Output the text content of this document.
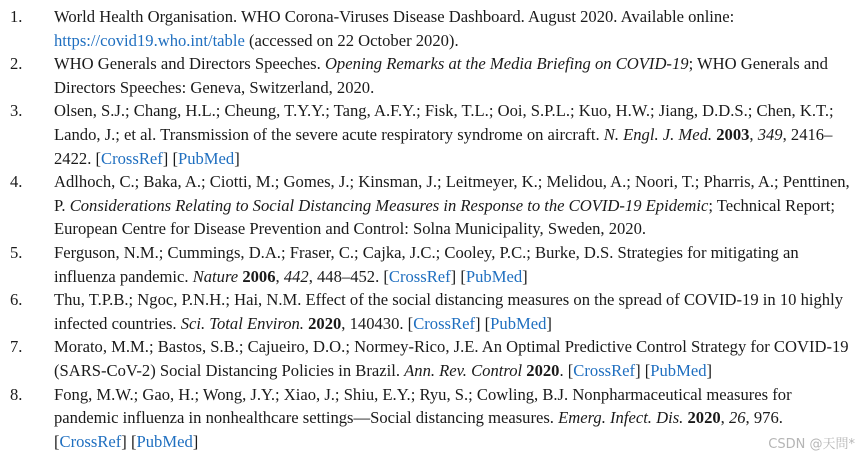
1. World Health Organisation. WHO Corona-Viruses Disease Dashboard. August 2020. Available online: https://covid19.who.int/table (accessed on 22 October 2020).
2. WHO Generals and Directors Speeches. Opening Remarks at the Media Briefing on COVID-19; WHO Generals and Directors Speeches: Geneva, Switzerland, 2020.
3. Olsen, S.J.; Chang, H.L.; Cheung, T.Y.Y.; Tang, A.F.Y.; Fisk, T.L.; Ooi, S.P.L.; Kuo, H.W.; Jiang, D.D.S.; Chen, K.T.; Lando, J.; et al. Transmission of the severe acute respiratory syndrome on aircraft. N. Engl. J. Med. 2003, 349, 2416–2422. [CrossRef] [PubMed]
4. Adlhoch, C.; Baka, A.; Ciotti, M.; Gomes, J.; Kinsman, J.; Leitmeyer, K.; Melidou, A.; Noori, T.; Pharris, A.; Penttinen, P. Considerations Relating to Social Distancing Measures in Response to the COVID-19 Epidemic; Technical Report; European Centre for Disease Prevention and Control: Solna Municipality, Sweden, 2020.
5. Ferguson, N.M.; Cummings, D.A.; Fraser, C.; Cajka, J.C.; Cooley, P.C.; Burke, D.S. Strategies for mitigating an influenza pandemic. Nature 2006, 442, 448–452. [CrossRef] [PubMed]
6. Thu, T.P.B.; Ngoc, P.N.H.; Hai, N.M. Effect of the social distancing measures on the spread of COVID-19 in 10 highly infected countries. Sci. Total Environ. 2020, 140430. [CrossRef] [PubMed]
7. Morato, M.M.; Bastos, S.B.; Cajueiro, D.O.; Normey-Rico, J.E. An Optimal Predictive Control Strategy for COVID-19 (SARS-CoV-2) Social Distancing Policies in Brazil. Ann. Rev. Control 2020. [CrossRef] [PubMed]
8. Fong, M.W.; Gao, H.; Wong, J.Y.; Xiao, J.; Shiu, E.Y.; Ryu, S.; Cowling, B.J. Nonpharmaceutical measures for pandemic influenza in nonhealthcare settings—Social distancing measures. Emerg. Infect. Dis. 2020, 26, 976. [CrossRef] [PubMed]	CSDN @天問*
